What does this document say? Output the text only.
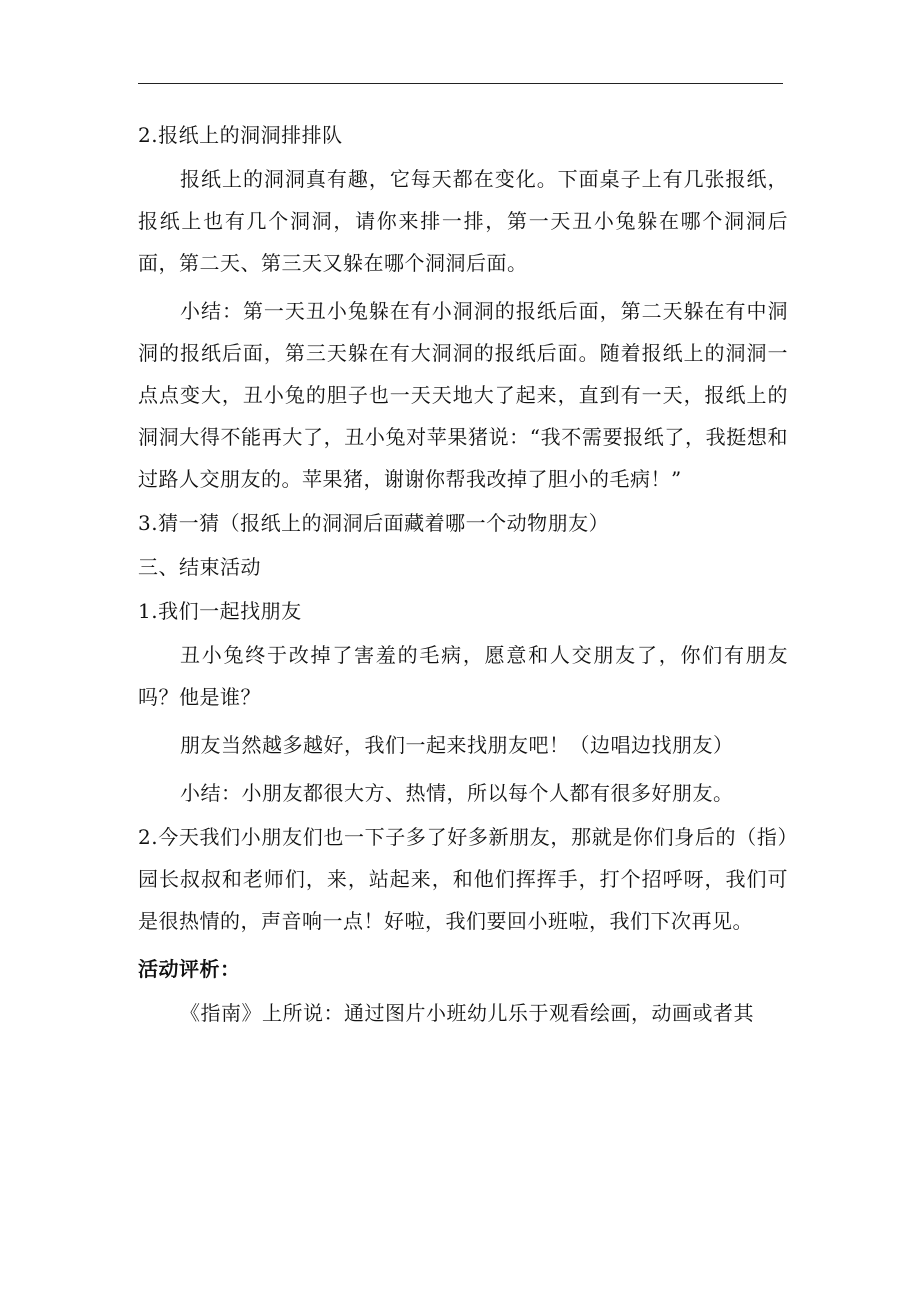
2.报纸上的洞洞排排队

报纸上的洞洞真有趣，它每天都在变化。下面桌子上有几张报纸，报纸上也有几个洞洞，请你来排一排，第一天丑小兔躲在哪个洞洞后面，第二天、第三天又躲在哪个洞洞后面。

小结：第一天丑小兔躲在有小洞洞的报纸后面，第二天躲在有中洞洞的报纸后面，第三天躲在有大洞洞的报纸后面。随着报纸上的洞洞一点点变大，丑小兔的胆子也一天天地大了起来，直到有一天，报纸上的洞洞大得不能再大了，丑小兔对苹果猪说：“我不需要报纸了，我挺想和过路人交朋友的。苹果猪，谢谢你帮我改掉了胆小的毛病！”

3.猜一猜（报纸上的洞洞后面藏着哪一个动物朋友）

三、结束活动

1.我们一起找朋友

丑小兔终于改掉了害羞的毛病，愿意和人交朋友了，你们有朋友吗？他是谁？

朋友当然越多越好，我们一起来找朋友吧！（边唱边找朋友）

小结：小朋友都很大方、热情，所以每个人都有很多好朋友。

2.今天我们小朋友们也一下子多了好多新朋友，那就是你们身后的（指）园长叔叔和老师们，来，站起来，和他们挥挥手，打个招呼呀，我们可是很热情的，声音响一点！好啦，我们要回小班啦，我们下次再见。

活动评析：

《指南》上所说：通过图片小班幼儿乐于观看绘画，动画或者其
